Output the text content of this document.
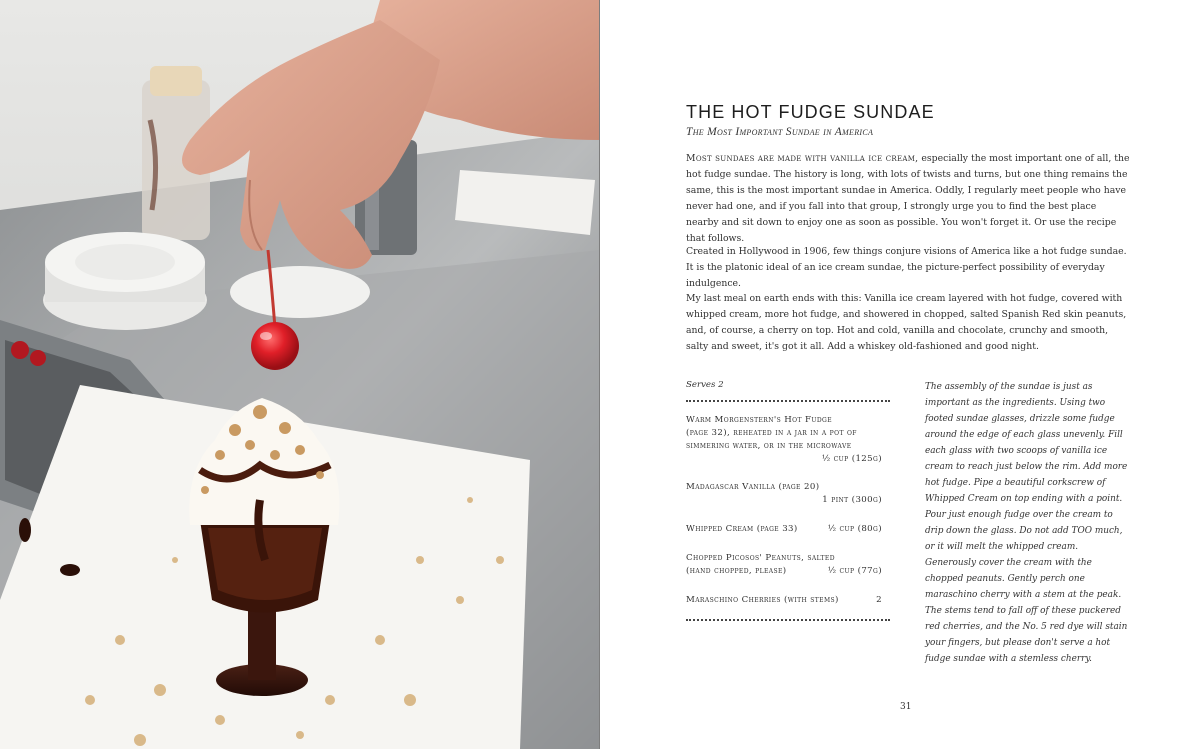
THE HOT FUDGE SUNDAE

The Most Important Sundae in America

Most sundaes are made with vanilla ice cream, especially the most important one of all, the hot fudge sundae. The history is long, with lots of twists and turns, but one thing remains the same, this is the most important sundae in America. Oddly, I regularly meet people who have never had one, and if you fall into that group, I strongly urge you to find the best place nearby and sit down to enjoy one as soon as possible. You won't forget it. Or use the recipe that follows.

Created in Hollywood in 1906, few things conjure visions of America like a hot fudge sundae. It is the platonic ideal of an ice cream sundae, the picture-perfect possibility of everyday indulgence.

My last meal on earth ends with this: Vanilla ice cream layered with hot fudge, covered with whipped cream, more hot fudge, and showered in chopped, salted Spanish Red skin peanuts, and, of course, a cherry on top. Hot and cold, vanilla and chocolate, crunchy and smooth, salty and sweet, it's got it all. Add a whiskey old-fashioned and good night.

Serves 2

Warm Morgenstern's Hot Fudge
(page 32), reheated in a jar in a pot of
simmering water, or in the microwave
½ cup (125g)
Madagascar Vanilla (page 20)
1 pint (300g)
Whipped Cream (page 33)	½ cup (80g)
Chopped Picosos' Peanuts, salted
(hand chopped, please)	½ cup (77g)
Maraschino Cherries (with stems)	2

The assembly of the sundae is just as important as the ingredients. Using two footed sundae glasses, drizzle some fudge around the edge of each glass unevenly. Fill each glass with two scoops of vanilla ice cream to reach just below the rim. Add more hot fudge. Pipe a beautiful corkscrew of Whipped Cream on top ending with a point. Pour just enough fudge over the cream to drip down the glass. Do not add TOO much, or it will melt the whipped cream. Generously cover the cream with the chopped peanuts. Gently perch one maraschino cherry with a stem at the peak. The stems tend to fall off of these puckered red cherries, and the No. 5 red dye will stain your fingers, but please don't serve a hot fudge sundae with a stemless cherry.

31
